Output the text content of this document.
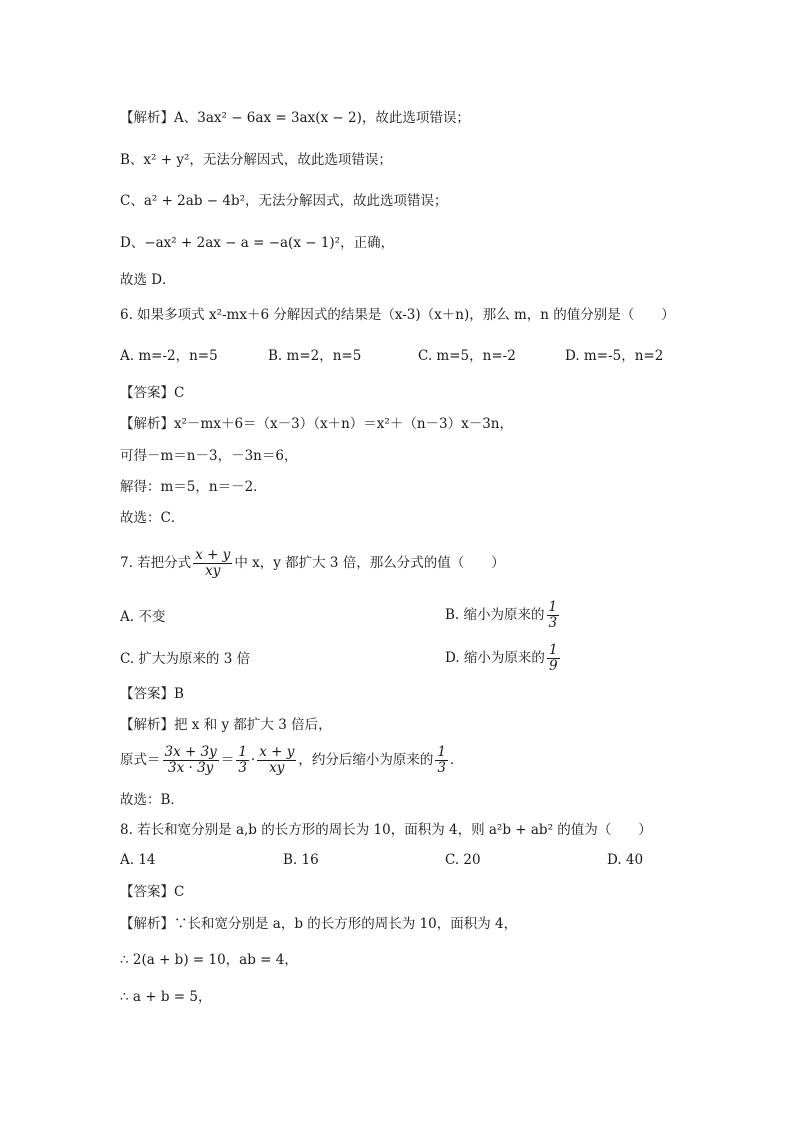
【解析】A、3ax² − 6ax = 3ax(x − 2)，故此选项错误；
B、x² + y²，无法分解因式，故此选项错误；
C、a² + 2ab − 4b²，无法分解因式，故此选项错误；
D、−ax² + 2ax − a = −a(x − 1)²，正确，
故选 D．
6. 如果多项式 x²-mx＋6 分解因式的结果是（x-3)（x＋n)，那么 m，n 的值分别是（　　）
A. m=-2，n=5	B. m=2，n=5	C. m=5，n=-2	D. m=-5，n=2
【答案】C
【解析】x²－mx＋6＝（x－3）（x＋n）＝x²＋（n－3）x－3n，
可得－m＝n－3，－3n＝6，
解得：m＝5，n＝－2．
故选：C．
7. 若把分式 $\frac{x + y}{xy}$ 中 x，y 都扩大 3 倍，那么分式的值（　　）
A. 不变	B. 缩小为原来的 $\frac{1}{3}$
C. 扩大为原来的 3 倍	D. 缩小为原来的 $\frac{1}{9}$
【答案】B
【解析】把 x 和 y 都扩大 3 倍后，
原式＝ $\frac{3x + 3y}{3x \cdot 3y} = \frac{1}{3} \cdot \frac{x + y}{xy}$ ，约分后缩小为原来的 $\frac{1}{3}$ ．
故选：B．
8. 若长和宽分别是 a,b 的长方形的周长为 10，面积为 4，则 a²b + ab² 的值为（　　）
A. 14	B. 16	C. 20	D. 40
【答案】C
【解析】∵长和宽分别是 a，b 的长方形的周长为 10，面积为 4，
∴ 2(a + b) = 10，ab = 4，
∴ a + b = 5，
